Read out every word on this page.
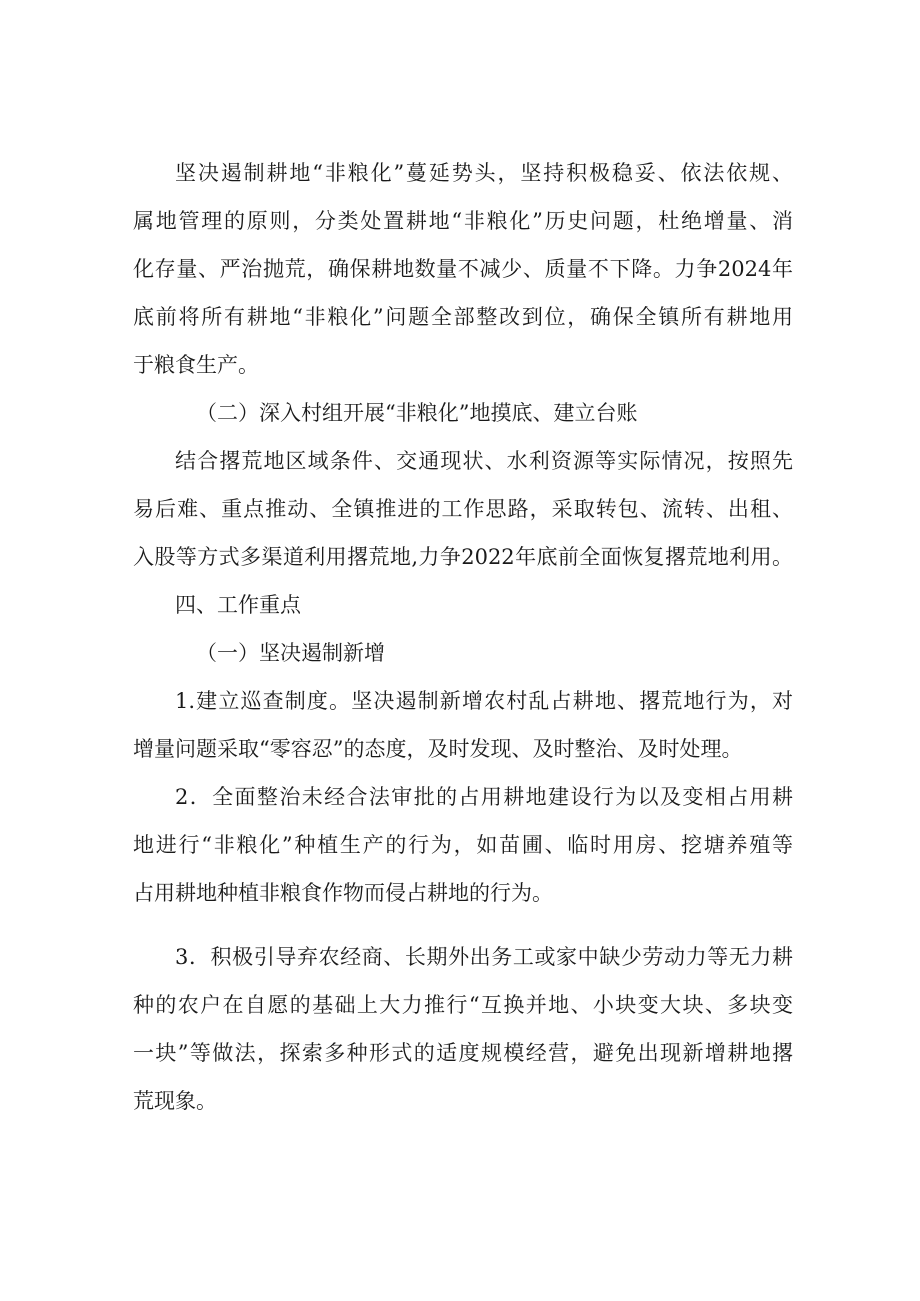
坚决遏制耕地“非粮化”蔓延势头，坚持积极稳妥、依法依规、
属地管理的原则，分类处置耕地“非粮化”历史问题，杜绝增量、消
化存量、严治抛荒，确保耕地数量不减少、质量不下降。力争2024年
底前将所有耕地“非粮化”问题全部整改到位，确保全镇所有耕地用
于粮食生产。
（二）深入村组开展“非粮化”地摸底、建立台账
结合撂荒地区域条件、交通现状、水利资源等实际情况，按照先
易后难、重点推动、全镇推进的工作思路，采取转包、流转、出租、
入股等方式多渠道利用撂荒地,力争2022年底前全面恢复撂荒地利用。
四、工作重点
（一）坚决遏制新增
1.建立巡查制度。坚决遏制新增农村乱占耕地、撂荒地行为，对
增量问题采取“零容忍”的态度，及时发现、及时整治、及时处理。
2．全面整治未经合法审批的占用耕地建设行为以及变相占用耕
地进行“非粮化”种植生产的行为，如苗圃、临时用房、挖塘养殖等
占用耕地种植非粮食作物而侵占耕地的行为。
3．积极引导弃农经商、长期外出务工或家中缺少劳动力等无力耕
种的农户在自愿的基础上大力推行“互换并地、小块变大块、多块变
一块”等做法，探索多种形式的适度规模经营，避免出现新增耕地撂
荒现象。
